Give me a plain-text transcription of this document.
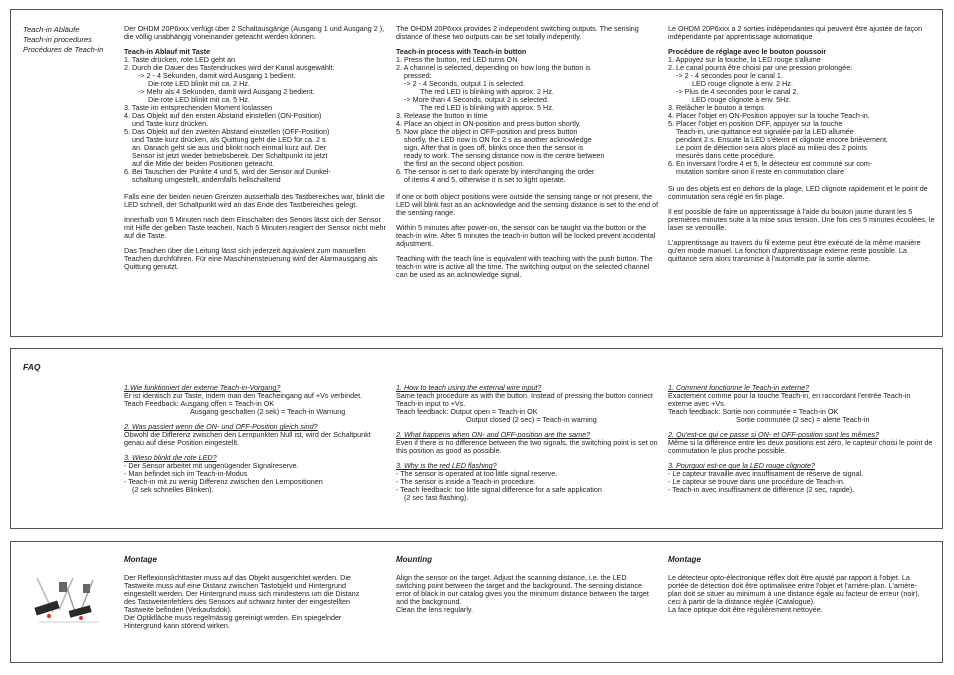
Teach-in Abläufe
Teach-in procedures
Procédures de Teach-in

Der OHDM 20P6xxx verfügt über 2 Schaltausgänge (Ausgang 1 und Ausgang 2 ), die völlig unabhängig voneinander geteacht werden können.

Teach-in Ablauf mit Taste
1. Taste drücken, rote LED geht an
2. Durch die Dauer des Tastendruckes wird der Kanal ausgewählt:
-> 2 - 4 Sekunden, damit wird Ausgang 1 bedient.
Die rote LED blinkt mit ca. 2 Hz.
-> Mehr als 4 Sekunden, damit wird Ausgang 2 bedient.
Die rote LED blinkt mit ca. 5 Hz.
3. Taste im entsprechenden Moment loslassen
4. Das Objekt auf den ersten Abstand einstellen (ON-Position)
und Taste kurz drücken.
5. Das Objekt auf den zweiten Abstand einstellen (OFF-Position)
und Taste kurz drücken, als Quittung geht die LED für ca. 2 s
an. Danach geht sie aus und blinkt noch einmal kurz auf. Der
Sensor ist jetzt wieder betriebsbereit. Der Schaltpunkt ist jetzt
auf die Mitte der beiden Positionen geteacht.
6. Bei Tauschen der Punkte 4 und 5, wird der Sensor auf Dunkel-
schaltung umgestellt, andernfalls hellschaltend

Falls eine der beiden neuen Grenzen ausserhalb des Tastbereiches war, blinkt die LED schnell, der Schaltpunkt wird an das Ende des Tastbereiches gelegt.

Innerhalb von 5 Minuten nach dem Einschalten des Senors lässt sich der Sensor mit Hilfe der gelben Taste teachen. Nach 5 Minuten reagiert der Sensor nicht mehr auf die Taste.

Das Teachen über die Leitung lässt sich jederzeit äquivalent zum manuellen Teachen durchführen. Für eine Maschinensteuerung wird der Alarmausgang als Quittung genutzt.

The OHDM 20P6xxx provides 2 independent switching outputs. The sensing distance of these two outputs can be set totally indepently.

Teach-in process with Teach-in button
1. Press the button, red LED turns ON
2. A channel is selected, depending on how long the button is
pressed:
-> 2 - 4 Seconds, output 1 is selected.
The red LED is blinking with approx. 2 Hz.
-> More than 4 Seconds, output 2 is selected.
The red LED is blinking with approx. 5 Hz.
3. Release the button in time
4. Place an object in ON-position and press button shortly.
5. Now place the object in OFF-position and press button
shortly, the LED now is ON for 2 s as another acknowledge
sign. After that is goes off, blinks once then the sensor is
ready to work. The sensing distance now is the centre between
the first an the second object position.
6. The sensor is set to dark operate by interchanging the order
of items 4 and 5, otherwise it is set to light operate.

If one or both object positions were outside the sensing range or not present, the LED will blink fast as an acknowledge and the sensing distance is set to the end of the sensing range.

Within 5 minutes after power-on, the sensor can be taught via the button or the teach-in wire. After 5 minutes the teach-in button will be locked prevent accidental adjustment.

Teaching with the teach line is equivalent with teaching with the push button. The teach-in wire is active all the time. The switching output on the selected channel can be used as an acknowledge signal.

Le OHDM 20P6xxx a 2 sorties indépendantes qui peuvent être ajustée de façon indépendante par apprentissage automatique

Procédure de réglage avec le bouton poussoir
1. Appuyez sur la touche, la LED rouge s'allume
2. Le canal pourra être choisi par une pression prolongée:
-> 2 - 4 secondes pour le canal 1.
LED rouge clignote à env. 2 Hz.
-> Plus de 4 secondes pour le canal 2.
LED rouge clignote à env. 5Hz.
3. Relâcher le bouton à temps
4. Placer l'objet en ON-Position appuyer sur la touche Teach-in.
5. Placer l'objet en position OFF, appuyer sur la touche
Teach-in, une quittance est signalée par la LED allumée
pendant 2 s. Ensuite la LED s'éteint et clignote encore brièvement.
Le point de détection sera alors placé au milieu des 2 points
mesurés dans cette procédure.
6. En inversant l'ordre 4 et 5, le détecteur est commuté sur com-
mutation sombre sinon il reste en commutation claire

Si un des objets est en dehors de la plage, LED clignote rapidement et le point de commutation sera réglé en fin plage.

Il est possible de faire un apprentissage à l'aide du bouton jaune durant les 5 premières minutes suite à la mise sous tension. Une fois ces 5 minutes écoulées, le laser se verrouille.

L'apprentissage au travers du fil externe peut être exécuté de la même manière qu'en mode manuel. La fonction d'apprentissage externe reste possible. La quittance sera alors transmise à l'automate par la sortie alarme.

FAQ
1.Wie funktioniert der externe Teach-in-Vorgang?
Er ist identisch zur Taste, indem man den Teacheingang auf +Vs verbindet.
Teach Feedback: Ausgang offen = Teach-in OK
Ausgang geschalten (2 sek) = Teach-in Warnung
2. Was passiert wenn die ON- und OFF-Position gleich sind?
Obwohl die Differenz zwischen den Lernpunkten Null ist, wird der Schaltpunkt genau auf diese Position eingestellt.
3. Wieso blinkt die rote LED?
- Der Sensor arbeitet mit ungenügender Signalreserve.
- Man befindet sich im Teach-in-Modus
- Teach-in mit zu wenig Differenz zwischen den Lernpositionen
(2 sek schnelles Blinken).
1. How to teach using the external wire input?
Same teach procedure as with the button. Instead of pressing the button connect Teach-in input to +Vs.
Teach feedback: Output open = Teach-in OK
Output closed (2 sec) = Teach-in warning
2. What happens when ON- and OFF-position are the same?
Even if there is no difference between the two signals, the switching point is set on this position as good as possible.
3. Why is the red LED flashing?
- The sensor is operated at too little signal reserve.
- The sensor is inside a Teach-in procedure.
- Teach feedback: too little signal difference for a safe application
(2 sec fast flashing).
1. Comment fonctionne le Teach-in externe?
Exactement comme pour la touche Teach-in, en raccordant l'entrée Teach-in externe avec +Vs.
Teach feedback: Sortie non commutée = Teach-in OK
Sortie commutée (2 sec) = alerte Teach-in
2. Qu'est-ce qui ce passe si ON- et OFF-position sont les mêmes?
Même si la différence entre les deux positions est zéro, le capteur choisi le point de commutation le plus proche possible.
3. Pourquoi est-ce que la LED rouge clignote?
- Le capteur travaille avec insuffisament de réserve de signal.
- Le capteur se trouve dans une procédure de Teach-in.
- Teach-in avec insuffisament de différence (2 sec, rapide).
Montage
Der Reflexionslichttaster muss auf das Objekt ausgerichtet werden. Die Tastweite muss auf eine Distanz zwischen Tastobjekt und Hintergrund eingestellt werden. Der Hintergrund muss sich mindestens um die Distanz des Tastweitenfehlers des Sensors auf schwarz hinter der eingestellten Tastweite befinden (Verkaufsdok).
Die Optikfläche muss regelmässig gereinigt werden. Ein spiegelnder Hintergrund kann störend wirken.
Mounting
Align the sensor on the target. Adjust the scanning distance, i.e. the LED switching point between the target and the background. The sensing distance error of black in our catalog gives you the minimum distance between the target and the background.
Clean the lens regularly.
Montage
Le détecteur opto-électronique réflex doit être ajusté par rapport à l'objet. La portée de détection doit être optimalisée entre l'objet et l'arrière-plan. L'arrière-plan doit se situer au minimum à une distance égale au facteur de erreur (noir), ceci à partir de la distance réglée (Catalogue).
La face optique doit être régulièrement nettoyée.
